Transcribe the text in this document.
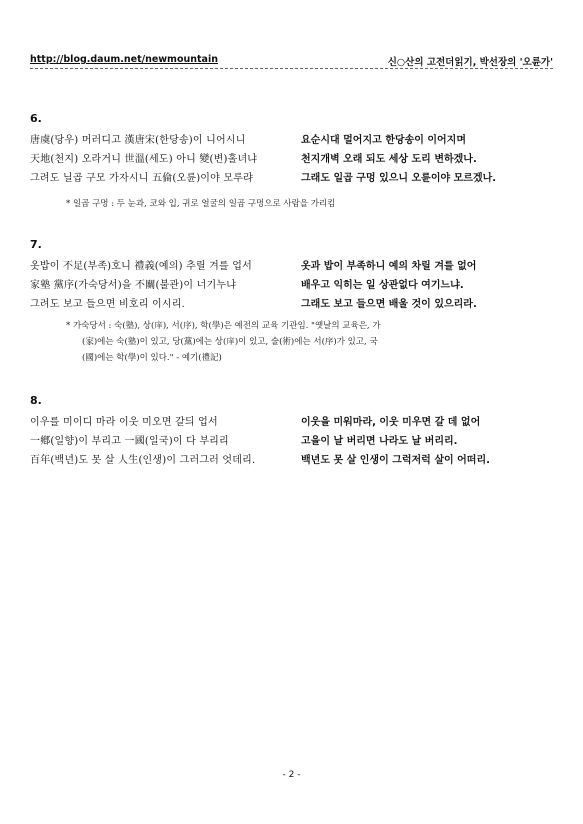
http://blog.daum.net/newmountain	신○산의 고전더읽기, 박선장의 '오륜가'
6.
唐虞(당우) 머러디고 漢唐宋(한당송)이 니어시니	요순시대 멀어지고 한당송이 이어지며
天地(천지) 오라거니 世溫(세도) 아니 變(변)홀녀냐	천지개벽 오래 되도 세상 도리 변하겠나.
그려도 닐곱 구모 가자시니 五倫(오륜)이야 모루랴	그래도 일곱 구멍 있으니 오륜이야 모르겠나.
* 일곱 구멍 : 두 눈과, 코와 입, 귀로 얼굴의 일곱 구멍으로 사람을 가리킴
7.
옷밥이 不足(부족)호니 禮義(예의) 추릴 겨를 업서	옷과 밥이 부족하니 예의 차릴 겨를 없어
家塾 黨序(가숙당서)을 不關(불관)이 너기누냐	배우고 익히는 일 상관없다 여기느냐.
그려도 보고 들으면 비호리 이시리.	그래도 보고 들으면 배울 것이 있으리라.
* 가숙당서 : 숙(塾), 상(庠), 서(序), 학(學)은 예전의 교육 기관임. "옛날의 교육은, 가
(家)에는 숙(塾)이 있고, 당(黨)에는 상(庠)이 있고, 술(術)에는 서(序)가 있고, 국
(國)에는 학(學)이 있다." - 예기(禮記)
8.
이우를 미이디 마라 이웃 미오면 갈듸 업서	이웃을 미워마라, 이웃 미우면 갈 데 없어
一鄕(일향)이 부리고 一國(일국)이 다 부리리	고을이 날 버리면 나라도 날 버리리.
百年(백년)도 못 살 人生(인생)이 그러그러 엇데리.	백년도 못 살 인생이 그럭저럭 살이 어떠리.
- 2 -
